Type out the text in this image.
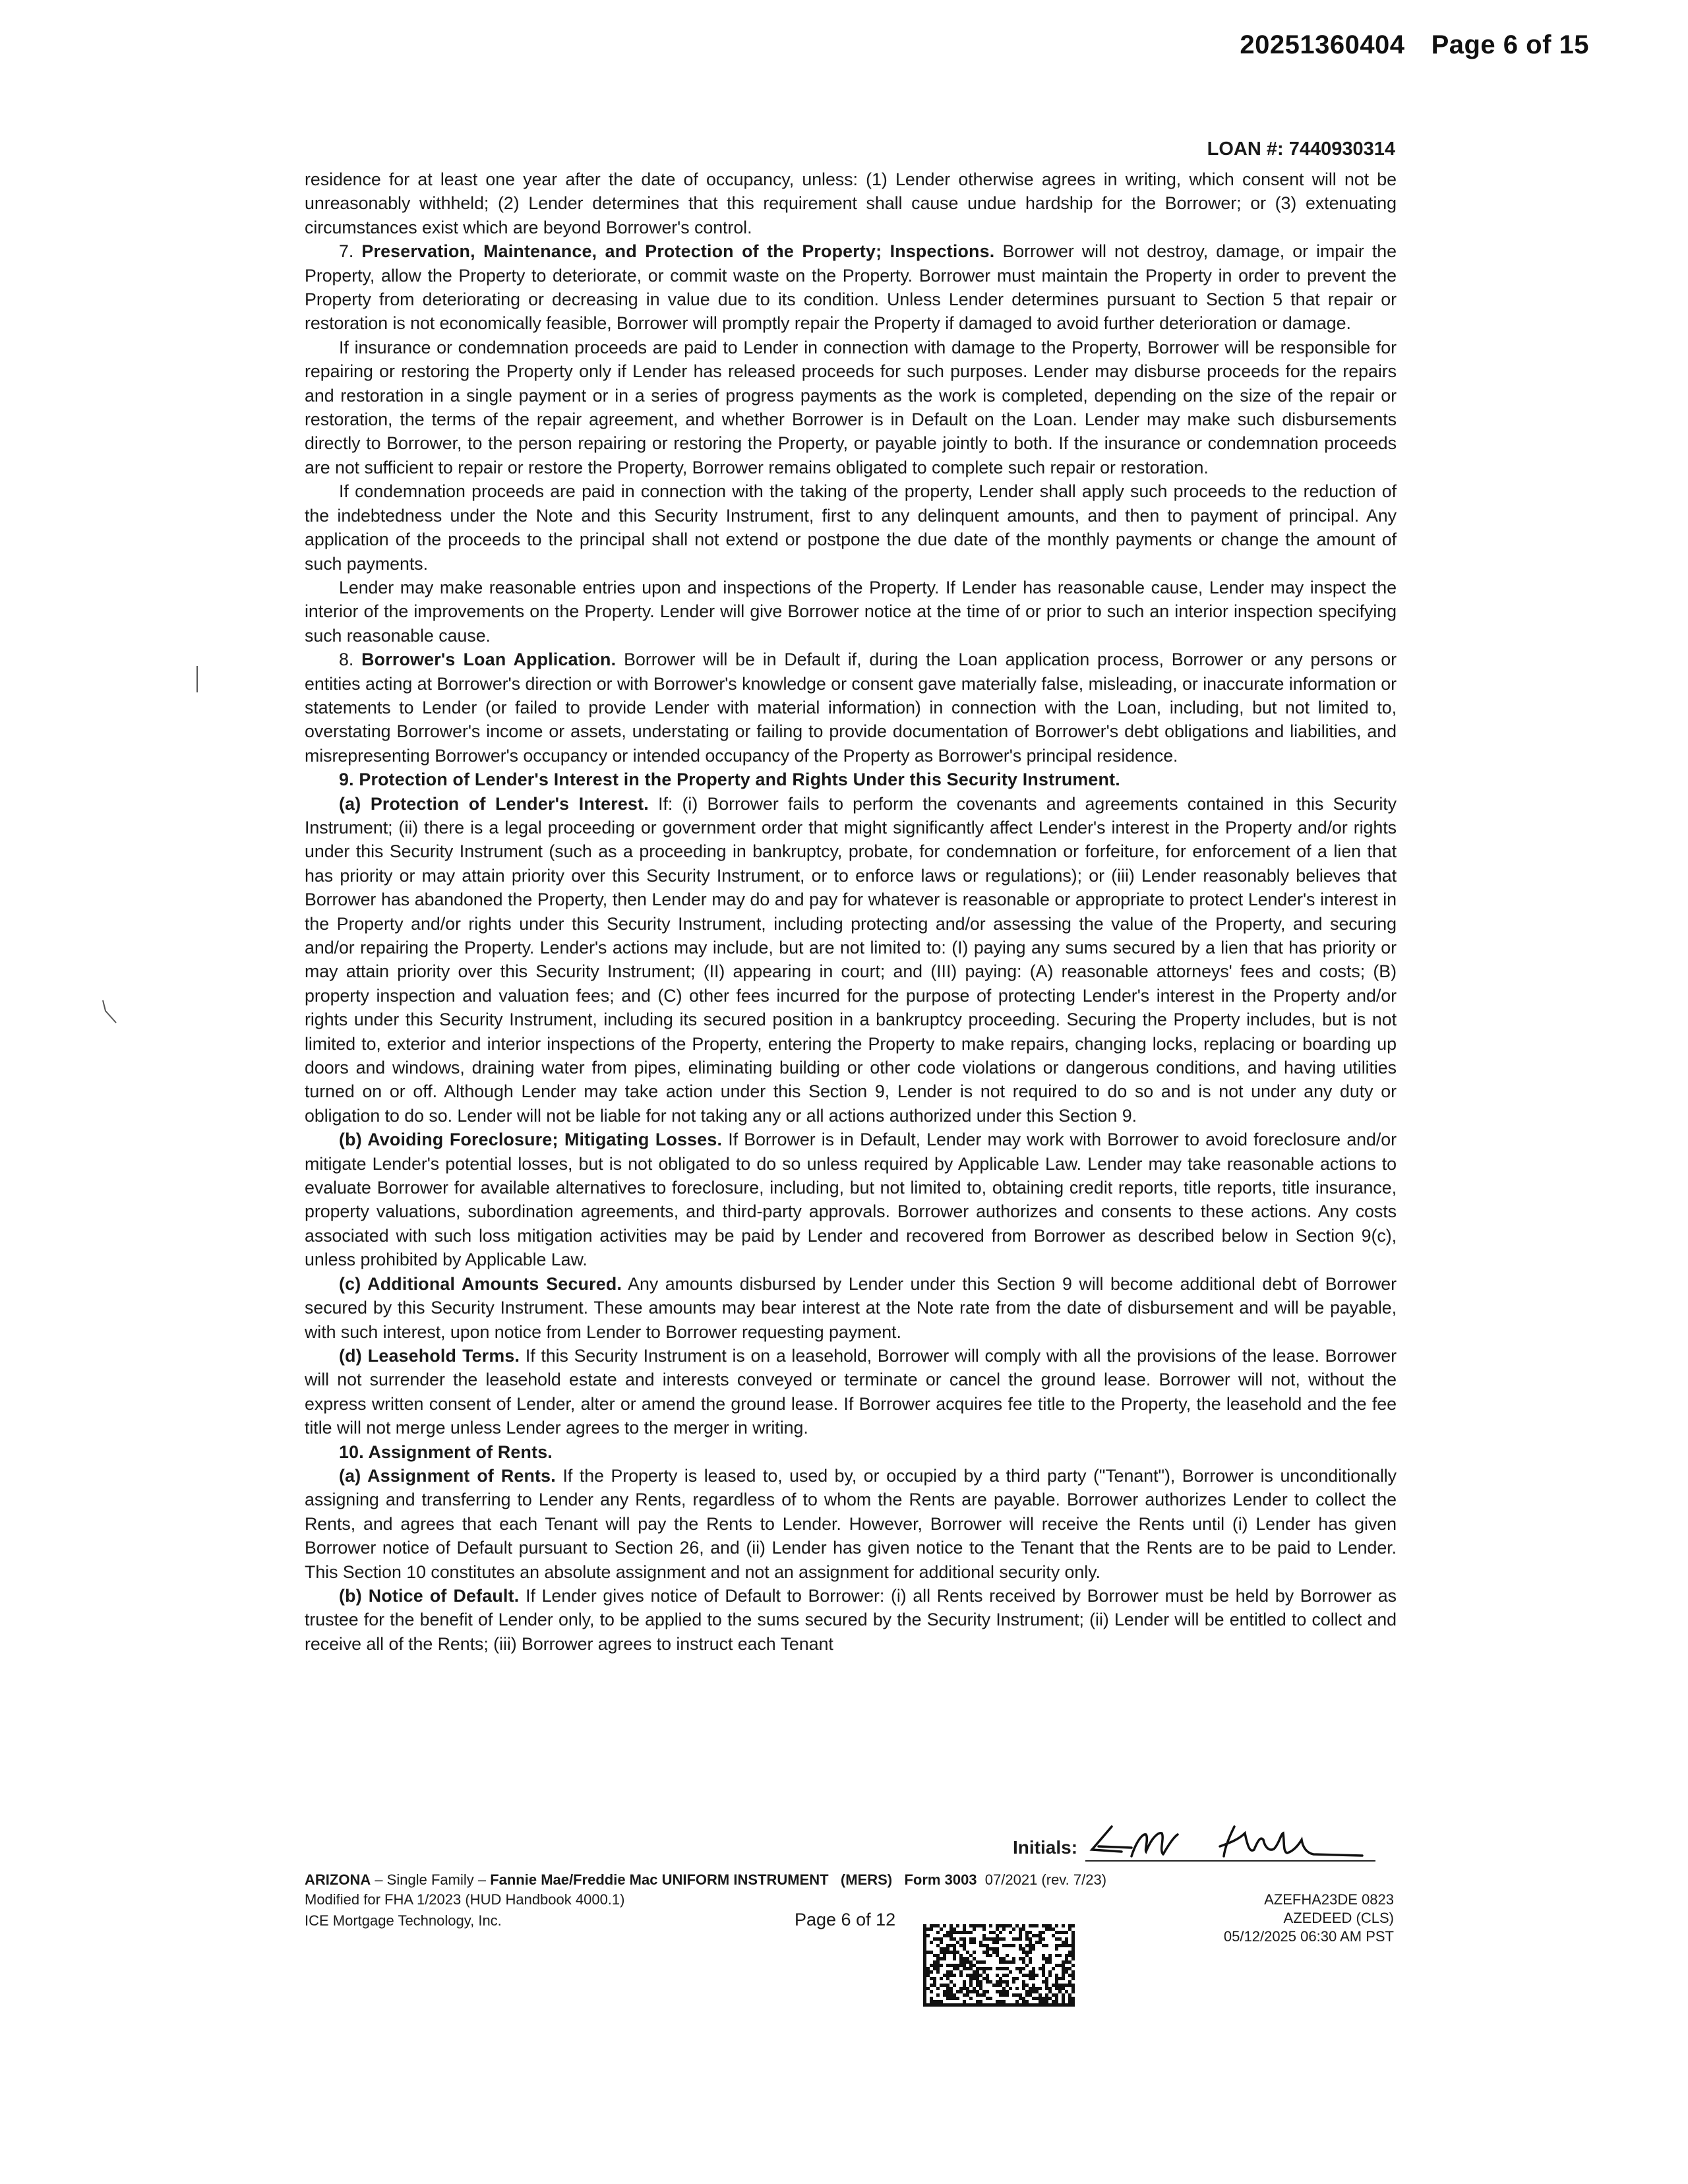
20251360404 Page 6 of 15
LOAN #: 7440930314

residence for at least one year after the date of occupancy, unless: (1) Lender otherwise agrees in writing, which consent will not be unreasonably withheld; (2) Lender determines that this requirement shall cause undue hardship for the Borrower; or (3) extenuating circumstances exist which are beyond Borrower's control.

7. Preservation, Maintenance, and Protection of the Property; Inspections. Borrower will not destroy, damage, or impair the Property, allow the Property to deteriorate, or commit waste on the Property. Borrower must maintain the Property in order to prevent the Property from deteriorating or decreasing in value due to its condition. Unless Lender determines pursuant to Section 5 that repair or restoration is not economically feasible, Borrower will promptly repair the Property if damaged to avoid further deterioration or damage.

If insurance or condemnation proceeds are paid to Lender in connection with damage to the Property, Borrower will be responsible for repairing or restoring the Property only if Lender has released proceeds for such purposes. Lender may disburse proceeds for the repairs and restoration in a single payment or in a series of progress payments as the work is completed, depending on the size of the repair or restoration, the terms of the repair agreement, and whether Borrower is in Default on the Loan. Lender may make such disbursements directly to Borrower, to the person repairing or restoring the Property, or payable jointly to both. If the insurance or condemnation proceeds are not sufficient to repair or restore the Property, Borrower remains obligated to complete such repair or restoration.

If condemnation proceeds are paid in connection with the taking of the property, Lender shall apply such proceeds to the reduction of the indebtedness under the Note and this Security Instrument, first to any delinquent amounts, and then to payment of principal. Any application of the proceeds to the principal shall not extend or postpone the due date of the monthly payments or change the amount of such payments.

Lender may make reasonable entries upon and inspections of the Property. If Lender has reasonable cause, Lender may inspect the interior of the improvements on the Property. Lender will give Borrower notice at the time of or prior to such an interior inspection specifying such reasonable cause.

8. Borrower's Loan Application. Borrower will be in Default if, during the Loan application process, Borrower or any persons or entities acting at Borrower's direction or with Borrower's knowledge or consent gave materially false, misleading, or inaccurate information or statements to Lender (or failed to provide Lender with material information) in connection with the Loan, including, but not limited to, overstating Borrower's income or assets, understating or failing to provide documentation of Borrower's debt obligations and liabilities, and misrepresenting Borrower's occupancy or intended occupancy of the Property as Borrower's principal residence.

9. Protection of Lender's Interest in the Property and Rights Under this Security Instrument.

(a) Protection of Lender's Interest. If: (i) Borrower fails to perform the covenants and agreements contained in this Security Instrument; (ii) there is a legal proceeding or government order that might significantly affect Lender's interest in the Property and/or rights under this Security Instrument (such as a proceeding in bankruptcy, probate, for condemnation or forfeiture, for enforcement of a lien that has priority or may attain priority over this Security Instrument, or to enforce laws or regulations); or (iii) Lender reasonably believes that Borrower has abandoned the Property, then Lender may do and pay for whatever is reasonable or appropriate to protect Lender's interest in the Property and/or rights under this Security Instrument, including protecting and/or assessing the value of the Property, and securing and/or repairing the Property. Lender's actions may include, but are not limited to: (I) paying any sums secured by a lien that has priority or may attain priority over this Security Instrument; (II) appearing in court; and (III) paying: (A) reasonable attorneys' fees and costs; (B) property inspection and valuation fees; and (C) other fees incurred for the purpose of protecting Lender's interest in the Property and/or rights under this Security Instrument, including its secured position in a bankruptcy proceeding. Securing the Property includes, but is not limited to, exterior and interior inspections of the Property, entering the Property to make repairs, changing locks, replacing or boarding up doors and windows, draining water from pipes, eliminating building or other code violations or dangerous conditions, and having utilities turned on or off. Although Lender may take action under this Section 9, Lender is not required to do so and is not under any duty or obligation to do so. Lender will not be liable for not taking any or all actions authorized under this Section 9.

(b) Avoiding Foreclosure; Mitigating Losses. If Borrower is in Default, Lender may work with Borrower to avoid foreclosure and/or mitigate Lender's potential losses, but is not obligated to do so unless required by Applicable Law. Lender may take reasonable actions to evaluate Borrower for available alternatives to foreclosure, including, but not limited to, obtaining credit reports, title reports, title insurance, property valuations, subordination agreements, and third-party approvals. Borrower authorizes and consents to these actions. Any costs associated with such loss mitigation activities may be paid by Lender and recovered from Borrower as described below in Section 9(c), unless prohibited by Applicable Law.

(c) Additional Amounts Secured. Any amounts disbursed by Lender under this Section 9 will become additional debt of Borrower secured by this Security Instrument. These amounts may bear interest at the Note rate from the date of disbursement and will be payable, with such interest, upon notice from Lender to Borrower requesting payment.

(d) Leasehold Terms. If this Security Instrument is on a leasehold, Borrower will comply with all the provisions of the lease. Borrower will not surrender the leasehold estate and interests conveyed or terminate or cancel the ground lease. Borrower will not, without the express written consent of Lender, alter or amend the ground lease. If Borrower acquires fee title to the Property, the leasehold and the fee title will not merge unless Lender agrees to the merger in writing.

10. Assignment of Rents.

(a) Assignment of Rents. If the Property is leased to, used by, or occupied by a third party ("Tenant"), Borrower is unconditionally assigning and transferring to Lender any Rents, regardless of to whom the Rents are payable. Borrower authorizes Lender to collect the Rents, and agrees that each Tenant will pay the Rents to Lender. However, Borrower will receive the Rents until (i) Lender has given Borrower notice of Default pursuant to Section 26, and (ii) Lender has given notice to the Tenant that the Rents are to be paid to Lender. This Section 10 constitutes an absolute assignment and not an assignment for additional security only.

(b) Notice of Default. If Lender gives notice of Default to Borrower: (i) all Rents received by Borrower must be held by Borrower as trustee for the benefit of Lender only, to be applied to the sums secured by the Security Instrument; (ii) Lender will be entitled to collect and receive all of the Rents; (iii) Borrower agrees to instruct each Tenant

Initials:
ARIZONA – Single Family – Fannie Mae/Freddie Mac UNIFORM INSTRUMENT (MERS) Form 3003 07/2021 (rev. 7/23)
Modified for FHA 1/2023 (HUD Handbook 4000.1)
ICE Mortgage Technology, Inc.	Page 6 of 12
AZEFHA23DE 0823
AZEDEED (CLS)
05/12/2025 06:30 AM PST
